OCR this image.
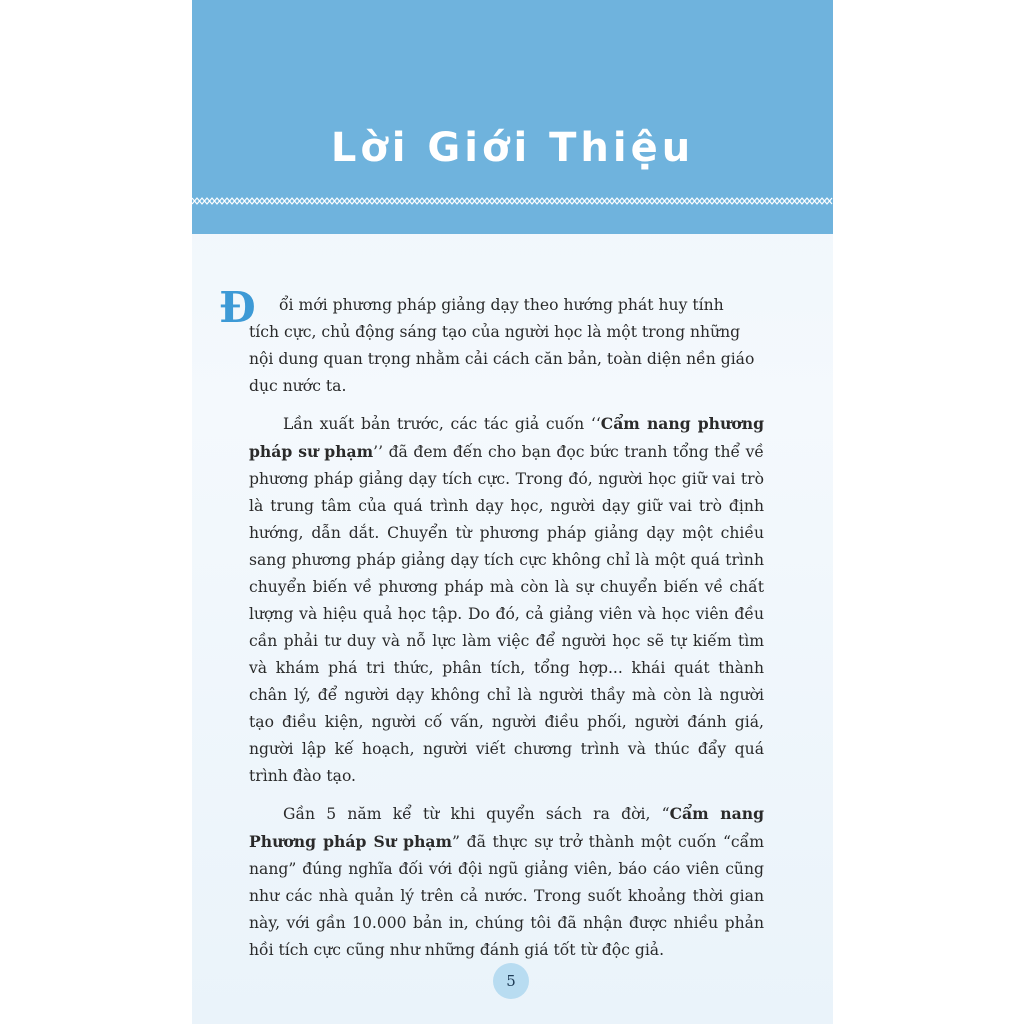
Lời Giới Thiệu
Đ	ổi mới phương pháp giảng dạy theo hướng phát huy tính
tích cực, chủ động sáng tạo của người học là một trong những
nội dung quan trọng nhằm cải cách căn bản, toàn diện nền giáo
dục nước ta.

Lần xuất bản trước, các tác giả cuốn ‘‘Cẩm nang phương pháp sư phạm’’ đã đem đến cho bạn đọc bức tranh tổng thể về phương pháp giảng dạy tích cực. Trong đó, người học giữ vai trò là trung tâm của quá trình dạy học, người dạy giữ vai trò định hướng, dẫn dắt. Chuyển từ phương pháp giảng dạy một chiều sang phương pháp giảng dạy tích cực không chỉ là một quá trình chuyển biến về phương pháp mà còn là sự chuyển biến về chất lượng và hiệu quả học tập. Do đó, cả giảng viên và học viên đều cần phải tư duy và nỗ lực làm việc để người học sẽ tự kiếm tìm và khám phá tri thức, phân tích, tổng hợp... khái quát thành chân lý, để người dạy không chỉ là người thầy mà còn là người tạo điều kiện, người cố vấn, người điều phối, người đánh giá, người lập kế hoạch, người viết chương trình và thúc đẩy quá trình đào tạo.

Gần 5 năm kể từ khi quyển sách ra đời, “Cẩm nang Phương pháp Sư phạm” đã thực sự trở thành một cuốn “cẩm nang” đúng nghĩa đối với đội ngũ giảng viên, báo cáo viên cũng như các nhà quản lý trên cả nước. Trong suốt khoảng thời gian này, với gần 10.000 bản in, chúng tôi đã nhận được nhiều phản hồi tích cực cũng như những đánh giá tốt từ độc giả.

5
